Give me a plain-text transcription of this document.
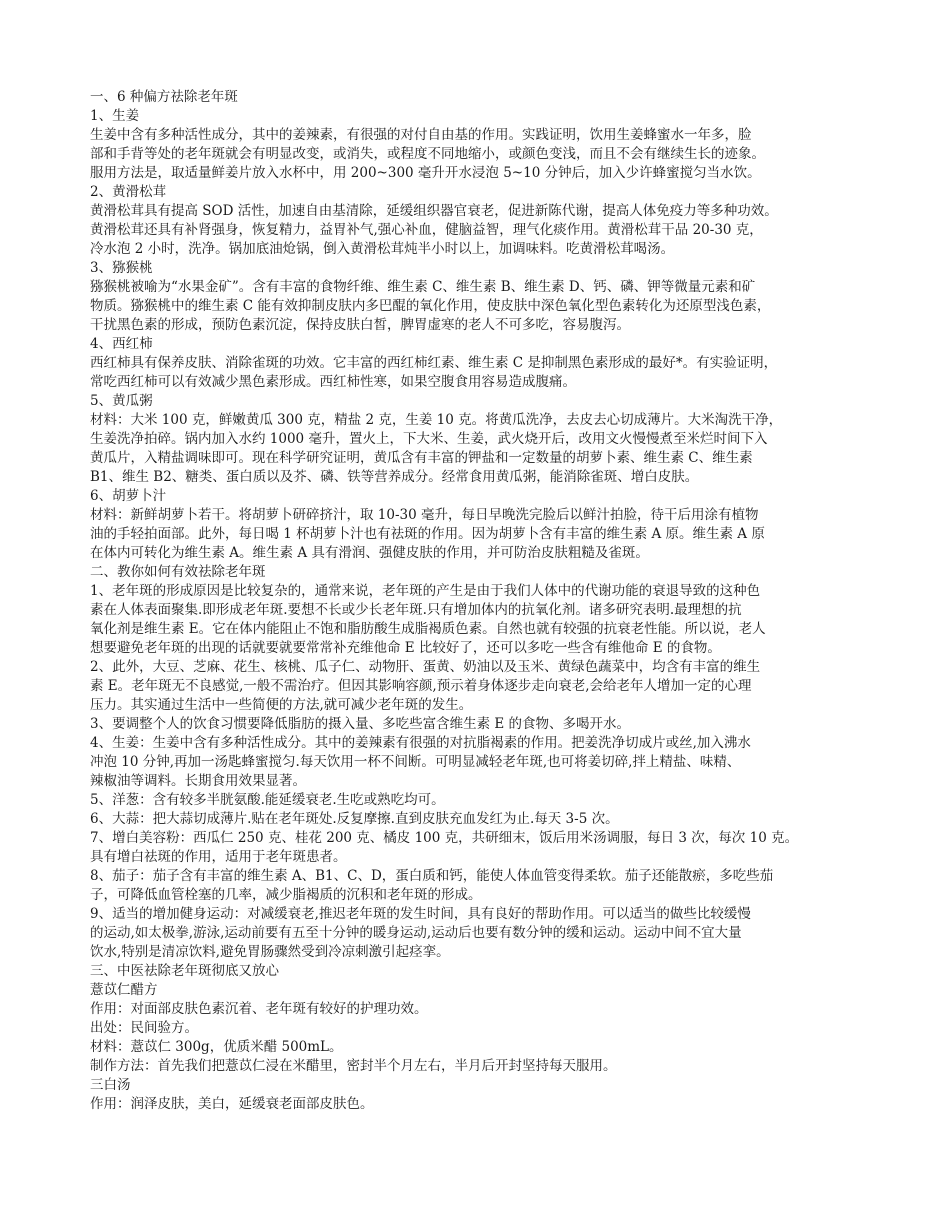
一、6 种偏方祛除老年斑

1、生姜

生姜中含有多种活性成分，其中的姜辣素，有很强的对付自由基的作用。实践证明，饮用生姜蜂蜜水一年多，脸

部和手背等处的老年斑就会有明显改变，或消失，或程度不同地缩小，或颜色变浅，而且不会有继续生长的迹象。

服用方法是，取适量鲜姜片放入水杯中，用 200~300 毫升开水浸泡 5~10 分钟后，加入少许蜂蜜搅匀当水饮。

2、黄滑松茸

黄滑松茸具有提高 SOD 活性，加速自由基清除，延缓组织器官衰老，促进新陈代谢，提高人体免疫力等多种功效。

黄滑松茸还具有补肾强身，恢复精力，益胃补气,强心补血，健脑益智，理气化痰作用。黄滑松茸干品 20-30 克，

冷水泡 2 小时，洗净。锅加底油炝锅，倒入黄滑松茸炖半小时以上，加调味料。吃黄滑松茸喝汤。

3、猕猴桃

猕猴桃被喻为“水果金矿”。含有丰富的食物纤维、维生素 C、维生素 B、维生素 D、钙、磷、钾等微量元素和矿

物质。猕猴桃中的维生素 C 能有效抑制皮肤内多巴醌的氧化作用，使皮肤中深色氧化型色素转化为还原型浅色素，

干扰黑色素的形成，预防色素沉淀，保持皮肤白皙，脾胃虚寒的老人不可多吃，容易腹泻。

4、西红柿

西红柿具有保养皮肤、消除雀斑的功效。它丰富的西红柿红素、维生素 C 是抑制黑色素形成的最好*。有实验证明，

常吃西红柿可以有效减少黑色素形成。西红柿性寒，如果空腹食用容易造成腹痛。

5、黄瓜粥

材料：大米 100 克，鲜嫩黄瓜 300 克，精盐 2 克，生姜 10 克。将黄瓜洗净，去皮去心切成薄片。大米淘洗干净，

生姜洗净拍碎。锅内加入水约 1000 毫升，置火上，下大米、生姜，武火烧开后，改用文火慢慢煮至米烂时间下入

黄瓜片，入精盐调味即可。现在科学研究证明，黄瓜含有丰富的钾盐和一定数量的胡萝卜素、维生素 C、维生素

B1、维生 B2、糖类、蛋白质以及芥、磷、铁等营养成分。经常食用黄瓜粥，能消除雀斑、增白皮肤。

6、胡萝卜汁

材料：新鲜胡萝卜若干。将胡萝卜研碎挤汁，取 10-30 毫升，每日早晚洗完脸后以鲜汁拍脸，待干后用涂有植物

油的手轻拍面部。此外，每日喝 1 杯胡萝卜汁也有祛斑的作用。因为胡萝卜含有丰富的维生素 A 原。维生素 A 原

在体内可转化为维生素 A。维生素 A 具有滑润、强健皮肤的作用，并可防治皮肤粗糙及雀斑。

二、教你如何有效祛除老年斑

1、老年斑的形成原因是比较复杂的，通常来说，老年斑的产生是由于我们人体中的代谢功能的衰退导致的这种色

素在人体表面聚集.即形成老年斑.要想不长或少长老年斑.只有增加体内的抗氧化剂。诸多研究表明.最理想的抗

氧化剂是维生素 E。它在体内能阻止不饱和脂肪酸生成脂褐质色素。自然也就有较强的抗衰老性能。所以说，老人

想要避免老年斑的出现的话就要就要常常补充维他命 E 比较好了，还可以多吃一些含有维他命 E 的食物。

2、此外，大豆、芝麻、花生、核桃、瓜子仁、动物肝、蛋黄、奶油以及玉米、黄绿色蔬菜中，均含有丰富的维生

素 E。老年斑无不良感觉,一般不需治疗。但因其影响容颜,预示着身体逐步走向衰老,会给老年人增加一定的心理

压力。其实通过生活中一些简便的方法,就可减少老年斑的发生。

3、要调整个人的饮食习惯要降低脂肪的摄入量、多吃些富含维生素 E 的食物、多喝开水。

4、生姜：生姜中含有多种活性成分。其中的姜辣素有很强的对抗脂褐素的作用。把姜洗净切成片或丝,加入沸水

冲泡 10 分钟,再加一汤匙蜂蜜搅匀.每天饮用一杯不间断。可明显减轻老年斑,也可将姜切碎,拌上精盐、味精、

辣椒油等调料。长期食用效果显著。

5、洋葱：含有较多半胱氨酸.能延缓衰老.生吃或熟吃均可。

6、大蒜：把大蒜切成薄片.贴在老年斑处.反复摩擦.直到皮肤充血发红为止.每天 3-5 次。

7、增白美容粉：西瓜仁 250 克、桂花 200 克、橘皮 100 克，共研细末，饭后用米汤调服，每日 3 次，每次 10 克。

具有增白祛斑的作用，适用于老年斑患者。

8、茄子：茄子含有丰富的维生素 A、B1、C、D，蛋白质和钙，能使人体血管变得柔软。茄子还能散瘀，多吃些茄

子，可降低血管栓塞的几率，减少脂褐质的沉积和老年斑的形成。

9、适当的增加健身运动：对减缓衰老,推迟老年斑的发生时间，具有良好的帮助作用。可以适当的做些比较缓慢

的运动,如太极拳,游泳,运动前要有五至十分钟的暖身运动,运动后也要有数分钟的缓和运动。运动中间不宜大量

饮水,特别是清凉饮料,避免胃肠骤然受到冷凉刺激引起痉挛。

三、中医祛除老年斑彻底又放心

薏苡仁醋方

作用：对面部皮肤色素沉着、老年斑有较好的护理功效。

出处：民间验方。

材料：薏苡仁 300g，优质米醋 500mL。

制作方法：首先我们把薏苡仁浸在米醋里，密封半个月左右，半月后开封坚持每天服用。

三白汤

作用：润泽皮肤，美白，延缓衰老面部皮肤色。
